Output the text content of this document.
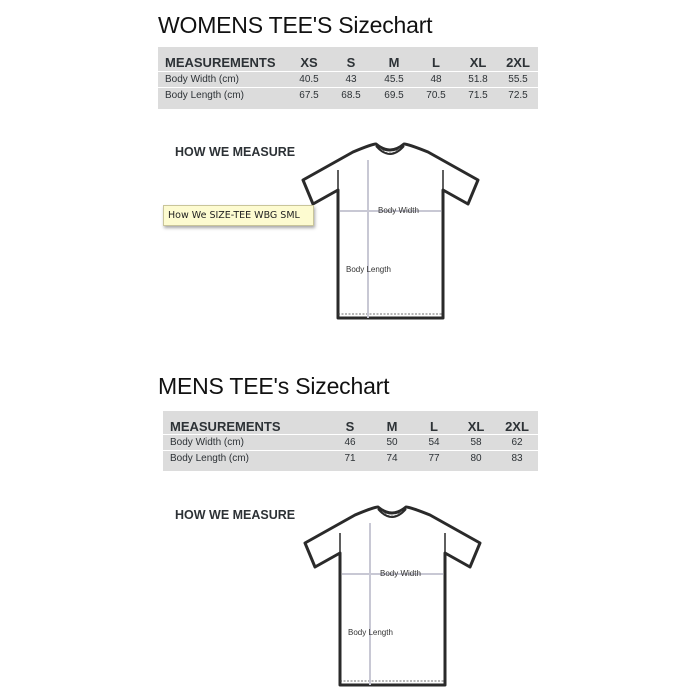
WOMENS TEE'S Sizechart
MEASUREMENTS	XS	S	M	L	XL	2XL
Body Width (cm)	40.5	43	45.5	48	51.8	55.5
Body Length (cm)	67.5	68.5	69.5	70.5	71.5	72.5
HOW WE MEASURE
Body Width
Body Length
How We SIZE-TEE WBG SML
MENS TEE's Sizechart
MEASUREMENTS	S	M	L	XL	2XL
Body Width (cm)	46	50	54	58	62
Body Length (cm)	71	74	77	80	83
HOW WE MEASURE
Body Width
Body Length
